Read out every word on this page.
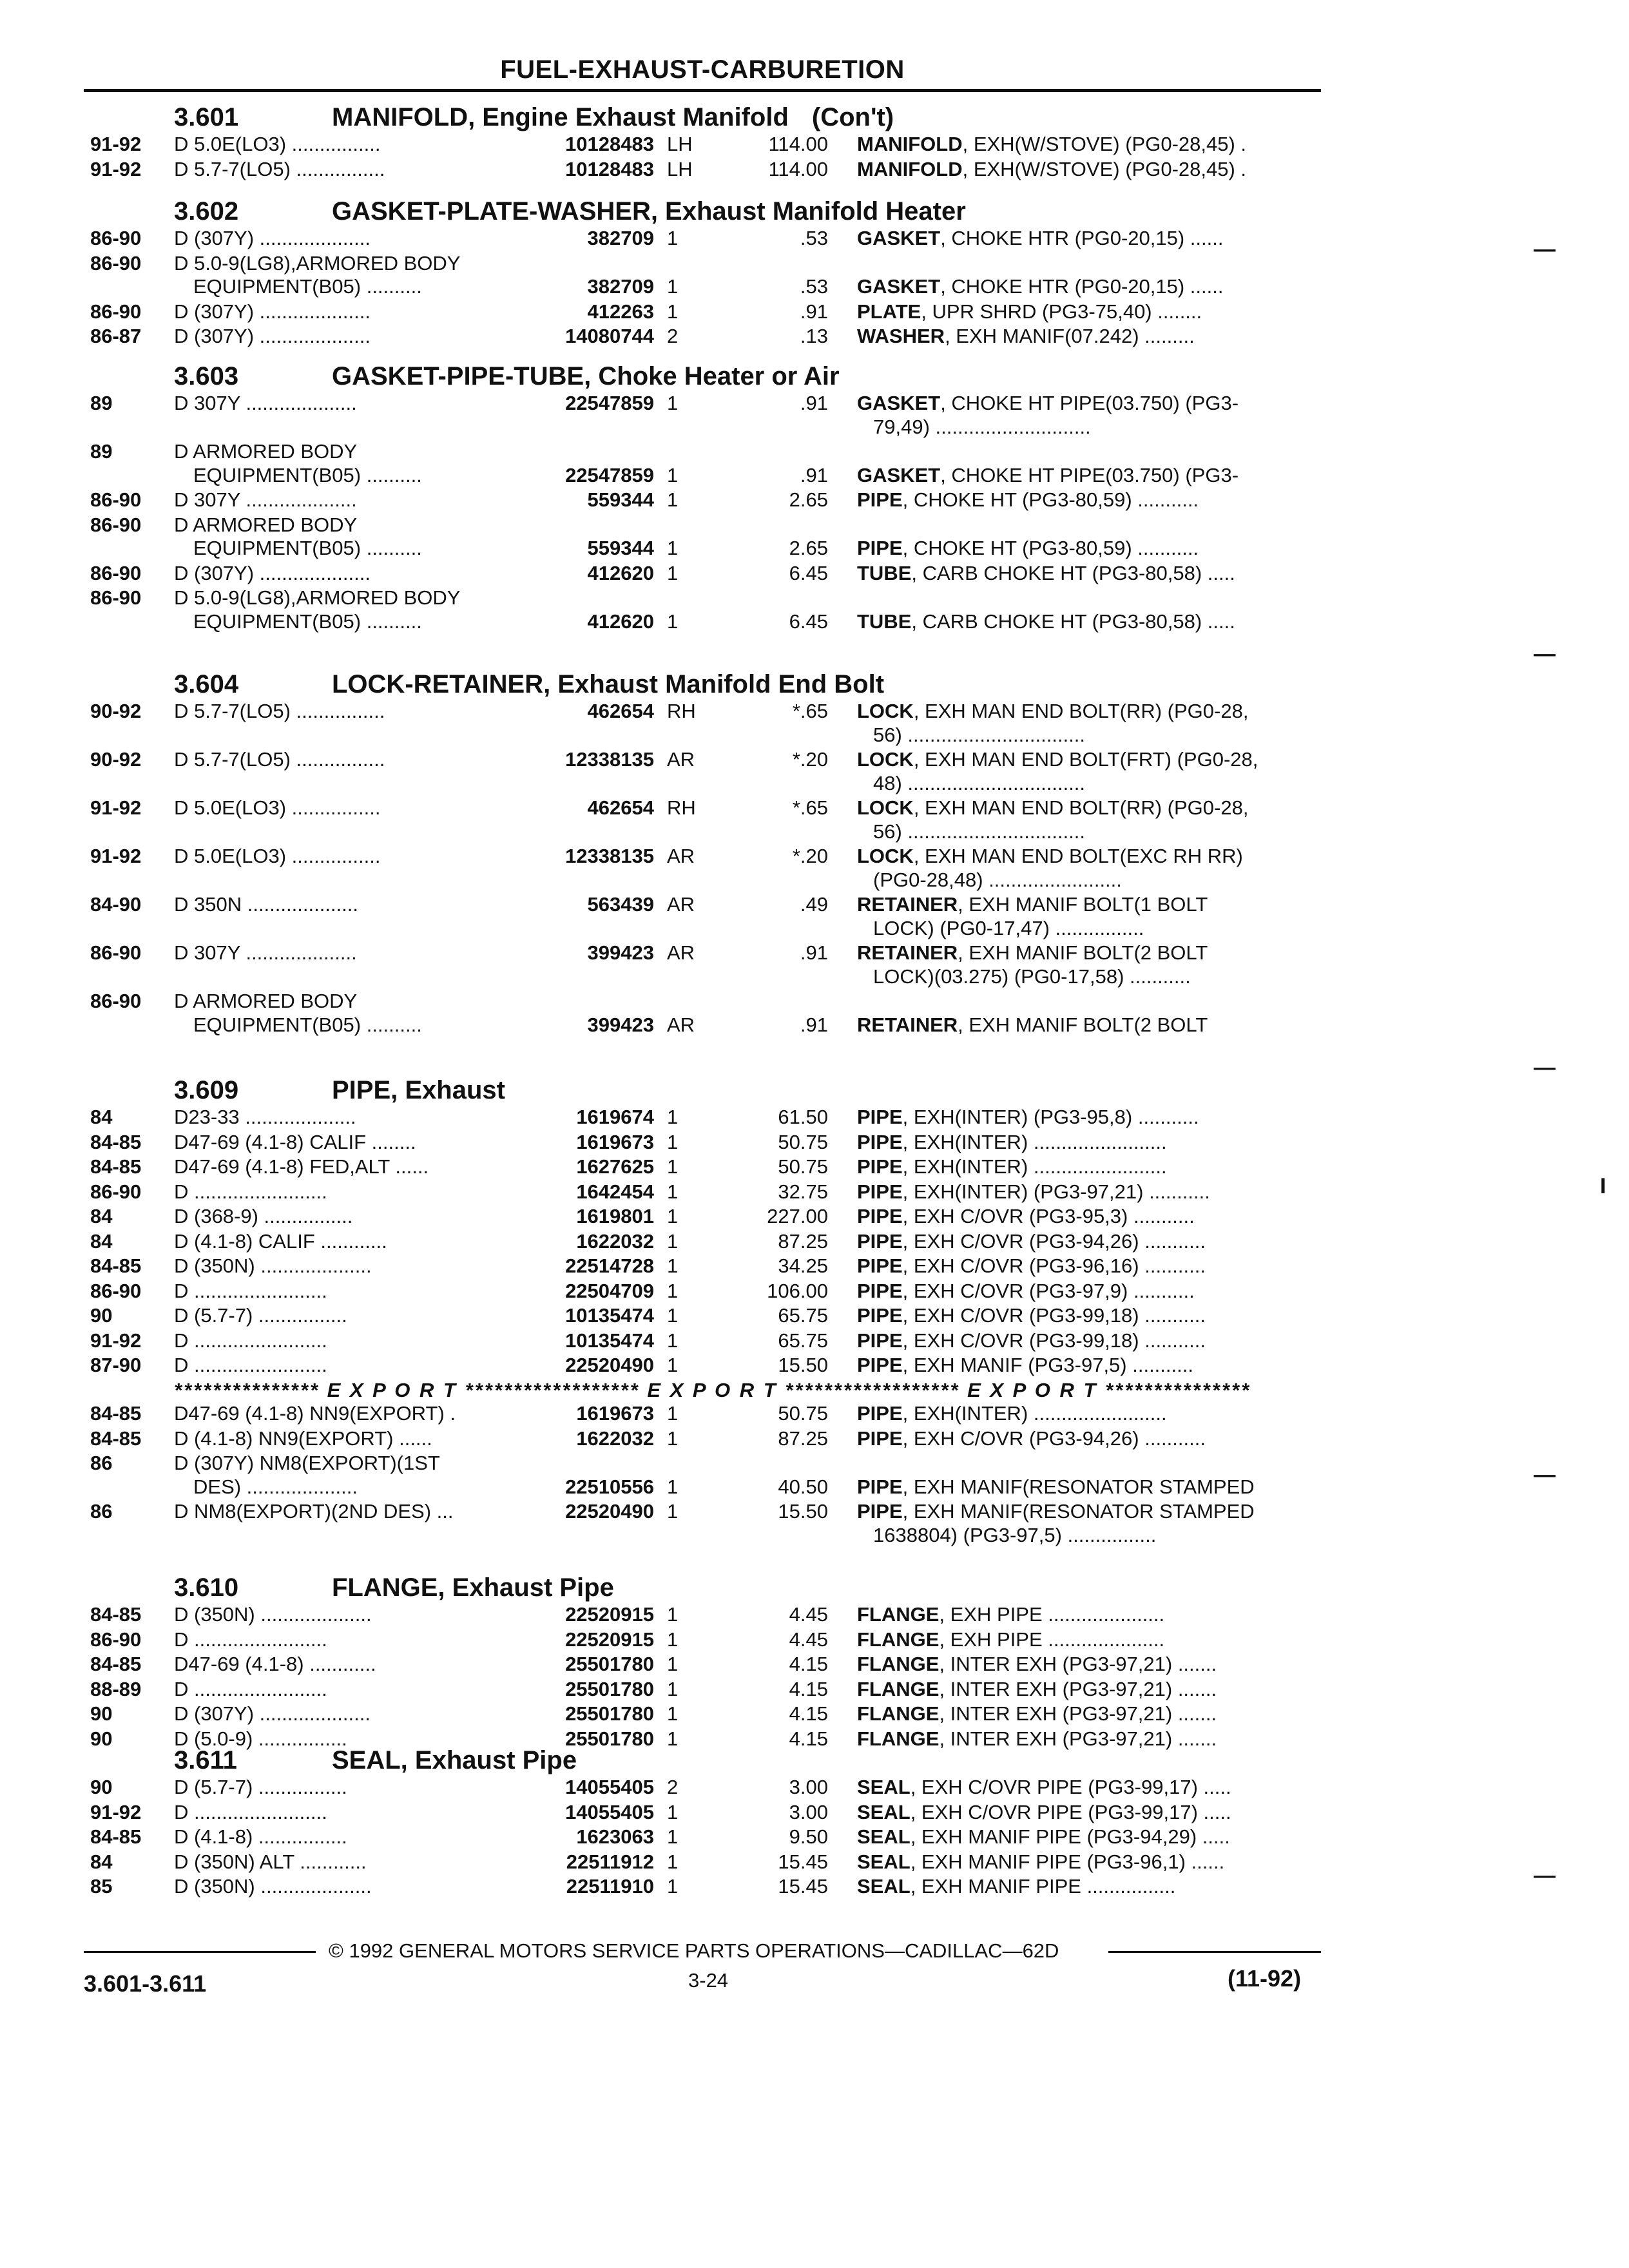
FUEL-EXHAUST-CARBURETION
3.601	MANIFOLD, Engine Exhaust Manifold (Con't)
91-92 D 5.0E(LO3) ................	10128483 LH	114.00 MANIFOLD, EXH(W/STOVE) (PG0-28,45) .
91-92 D 5.7-7(LO5) ................	10128483 LH	114.00 MANIFOLD, EXH(W/STOVE) (PG0-28,45) .
3.602	GASKET-PLATE-WASHER, Exhaust Manifold Heater
86-90 D (307Y) ....................	382709 1	.53 GASKET, CHOKE HTR (PG0-20,15) ......
86-90 D 5.0-9(LG8),ARMORED BODY
EQUIPMENT(B05) ..........	382709 1	.53 GASKET, CHOKE HTR (PG0-20,15) ......
86-90 D (307Y) ....................	412263 1	.91 PLATE, UPR SHRD (PG3-75,40) ........
86-87 D (307Y) ....................	14080744 2	.13 WASHER, EXH MANIF(07.242) .........
3.603	GASKET-PIPE-TUBE, Choke Heater or Air
89	D 307Y ....................	22547859 1	.91 GASKET, CHOKE HT PIPE(03.750) (PG3-
79,49) ............................
89	D ARMORED BODY
EQUIPMENT(B05) ..........	22547859 1	.91 GASKET, CHOKE HT PIPE(03.750) (PG3-
86-90 D 307Y ....................	559344 1	2.65 PIPE, CHOKE HT (PG3-80,59) ...........
86-90 D ARMORED BODY
EQUIPMENT(B05) ..........	559344 1	2.65 PIPE, CHOKE HT (PG3-80,59) ...........
86-90 D (307Y) ....................	412620 1	6.45 TUBE, CARB CHOKE HT (PG3-80,58) .....
86-90 D 5.0-9(LG8),ARMORED BODY
EQUIPMENT(B05) ..........	412620 1	6.45 TUBE, CARB CHOKE HT (PG3-80,58) .....
3.604	LOCK-RETAINER, Exhaust Manifold End Bolt
90-92 D 5.7-7(LO5) ................	462654 RH	*.65 LOCK, EXH MAN END BOLT(RR) (PG0-28,
56) ................................
90-92 D 5.7-7(LO5) ................	12338135 AR	*.20 LOCK, EXH MAN END BOLT(FRT) (PG0-28,
48) ................................
91-92 D 5.0E(LO3) ................	462654 RH	*.65 LOCK, EXH MAN END BOLT(RR) (PG0-28,
56) ................................
91-92 D 5.0E(LO3) ................	12338135 AR	*.20 LOCK, EXH MAN END BOLT(EXC RH RR)
(PG0-28,48) ........................
84-90 D 350N ....................	563439 AR	.49 RETAINER, EXH MANIF BOLT(1 BOLT
LOCK) (PG0-17,47) ................
86-90 D 307Y ....................	399423 AR	.91 RETAINER, EXH MANIF BOLT(2 BOLT
LOCK)(03.275) (PG0-17,58) ...........
86-90 D ARMORED BODY
EQUIPMENT(B05) ..........	399423 AR	.91 RETAINER, EXH MANIF BOLT(2 BOLT
3.609	PIPE, Exhaust
84	D23-33 ....................	1619674 1	61.50 PIPE, EXH(INTER) (PG3-95,8) ...........
84-85 D47-69 (4.1-8) CALIF ........	1619673 1	50.75 PIPE, EXH(INTER) ........................
84-85 D47-69 (4.1-8) FED,ALT ......	1627625 1	50.75 PIPE, EXH(INTER) ........................
86-90 D ........................	1642454 1	32.75 PIPE, EXH(INTER) (PG3-97,21) ...........
84	D (368-9) ................	1619801 1	227.00 PIPE, EXH C/OVR (PG3-95,3) ...........
84	D (4.1-8) CALIF ............	1622032 1	87.25 PIPE, EXH C/OVR (PG3-94,26) ...........
84-85 D (350N) ....................	22514728 1	34.25 PIPE, EXH C/OVR (PG3-96,16) ...........
86-90 D ........................	22504709 1	106.00 PIPE, EXH C/OVR (PG3-97,9) ...........
90	D (5.7-7) ................	10135474 1	65.75 PIPE, EXH C/OVR (PG3-99,18) ...........
91-92 D ........................	10135474 1	65.75 PIPE, EXH C/OVR (PG3-99,18) ...........
87-90 D ........................	22520490 1	15.50 PIPE, EXH MANIF (PG3-97,5) ...........
*************** E X P O R T ****************** E X P O R T ****************** E X P O R T ***************
84-85 D47-69 (4.1-8) NN9(EXPORT) .	1619673 1	50.75 PIPE, EXH(INTER) ........................
84-85 D (4.1-8) NN9(EXPORT) ......	1622032 1	87.25 PIPE, EXH C/OVR (PG3-94,26) ...........
86	D (307Y) NM8(EXPORT)(1ST
DES) ....................	22510556 1	40.50 PIPE, EXH MANIF(RESONATOR STAMPED
86	D NM8(EXPORT)(2ND DES) ...	22520490 1	15.50 PIPE, EXH MANIF(RESONATOR STAMPED
1638804) (PG3-97,5) ................
3.610	FLANGE, Exhaust Pipe
84-85 D (350N) ....................	22520915 1	4.45 FLANGE, EXH PIPE .....................
86-90 D ........................	22520915 1	4.45 FLANGE, EXH PIPE .....................
84-85 D47-69 (4.1-8) ............	25501780 1	4.15 FLANGE, INTER EXH (PG3-97,21) .......
88-89 D ........................	25501780 1	4.15 FLANGE, INTER EXH (PG3-97,21) .......
90	D (307Y) ....................	25501780 1	4.15 FLANGE, INTER EXH (PG3-97,21) .......
90	D (5.0-9) ................	25501780 1	4.15 FLANGE, INTER EXH (PG3-97,21) .......
3.611	SEAL, Exhaust Pipe
90	D (5.7-7) ................	14055405 2	3.00 SEAL, EXH C/OVR PIPE (PG3-99,17) .....
91-92 D ........................	14055405 1	3.00 SEAL, EXH C/OVR PIPE (PG3-99,17) .....
84-85 D (4.1-8) ................	1623063 1	9.50 SEAL, EXH MANIF PIPE (PG3-94,29) .....
84	D (350N) ALT ............	22511912 1	15.45 SEAL, EXH MANIF PIPE (PG3-96,1) ......
85	D (350N) ....................	22511910 1	15.45 SEAL, EXH MANIF PIPE ................
—
—
—
I
—
—
© 1992 GENERAL MOTORS SERVICE PARTS OPERATIONS—CADILLAC—62D
3.601-3.611	3-24	(11-92)
